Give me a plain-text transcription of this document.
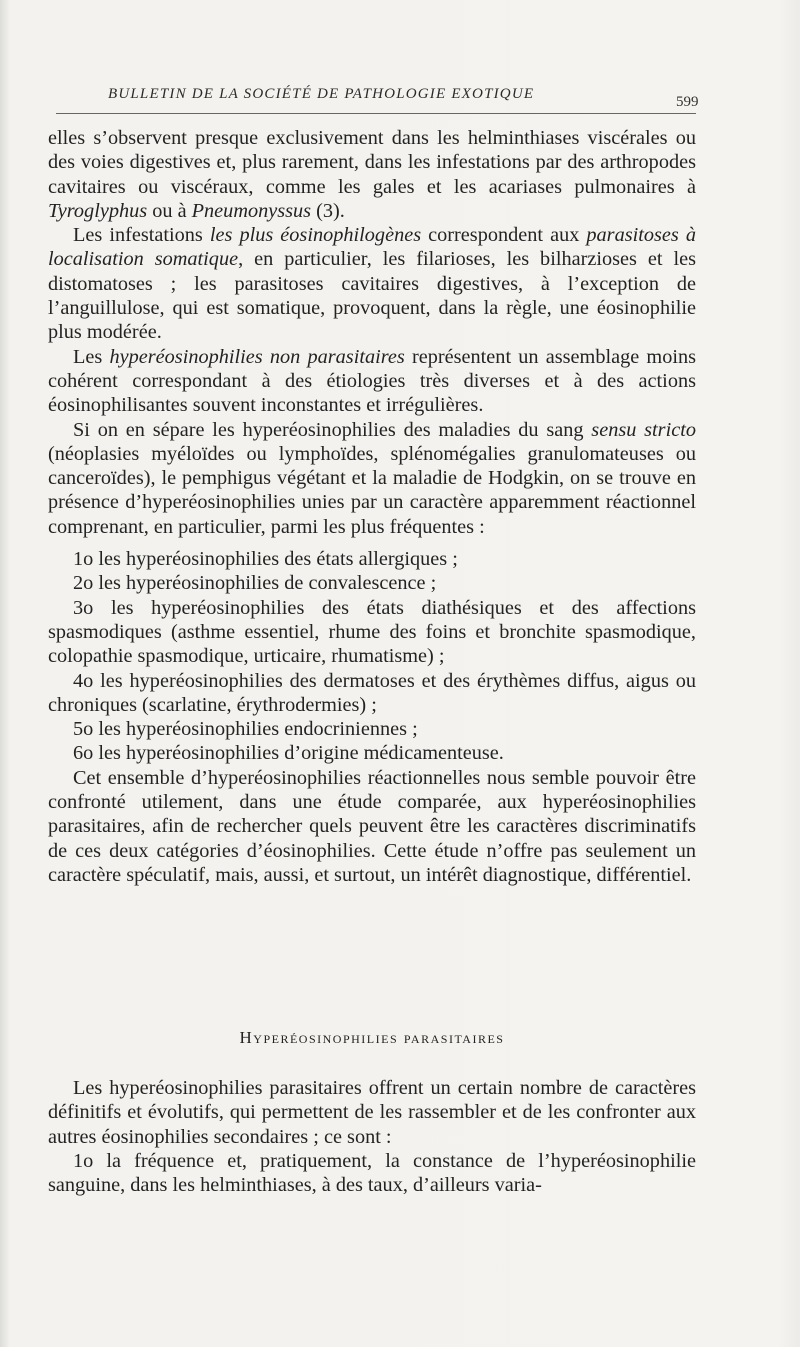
BULLETIN DE LA SOCIÉTÉ DE PATHOLOGIE EXOTIQUE	599

elles s’observent presque exclusivement dans les helminthiases viscérales ou des voies digestives et, plus rarement, dans les infestations par des arthropodes cavitaires ou viscéraux, comme les gales et les acariases pulmonaires à Tyroglyphus ou à Pneumonyssus (3).

Les infestations les plus éosinophilogènes correspondent aux parasitoses à localisation somatique, en particulier, les filarioses, les bilharzioses et les distomatoses ; les parasitoses cavitaires digestives, à l’exception de l’anguillulose, qui est somatique, provoquent, dans la règle, une éosinophilie plus modérée.

Les hyperéosinophilies non parasitaires représentent un assemblage moins cohérent correspondant à des étiologies très diverses et à des actions éosinophilisantes souvent inconstantes et irrégulières.

Si on en sépare les hyperéosinophilies des maladies du sang sensu stricto (néoplasies myéloïdes ou lymphoïdes, splénomégalies granulomateuses ou canceroïdes), le pemphigus végétant et la maladie de Hodgkin, on se trouve en présence d’hyperéosinophilies unies par un caractère apparemment réactionnel comprenant, en particulier, parmi les plus fréquentes :

1o les hyperéosinophilies des états allergiques ;

2o les hyperéosinophilies de convalescence ;

3o les hyperéosinophilies des états diathésiques et des affections spasmodiques (asthme essentiel, rhume des foins et bronchite spasmodique, colopathie spasmodique, urticaire, rhumatisme) ;

4o les hyperéosinophilies des dermatoses et des érythèmes diffus, aigus ou chroniques (scarlatine, érythrodermies) ;

5o les hyperéosinophilies endocriniennes ;

6o les hyperéosinophilies d’origine médicamenteuse.

Cet ensemble d’hyperéosinophilies réactionnelles nous semble pouvoir être confronté utilement, dans une étude comparée, aux hyperéosinophilies parasitaires, afin de rechercher quels peuvent être les caractères discriminatifs de ces deux catégories d’éosinophilies. Cette étude n’offre pas seulement un caractère spéculatif, mais, aussi, et surtout, un intérêt diagnostique, différentiel.

Hyperéosinophilies parasitaires

Les hyperéosinophilies parasitaires offrent un certain nombre de caractères définitifs et évolutifs, qui permettent de les rassembler et de les confronter aux autres éosinophilies secondaires ; ce sont :

1o la fréquence et, pratiquement, la constance de l’hyperéosinophilie sanguine, dans les helminthiases, à des taux, d’ailleurs varia-
